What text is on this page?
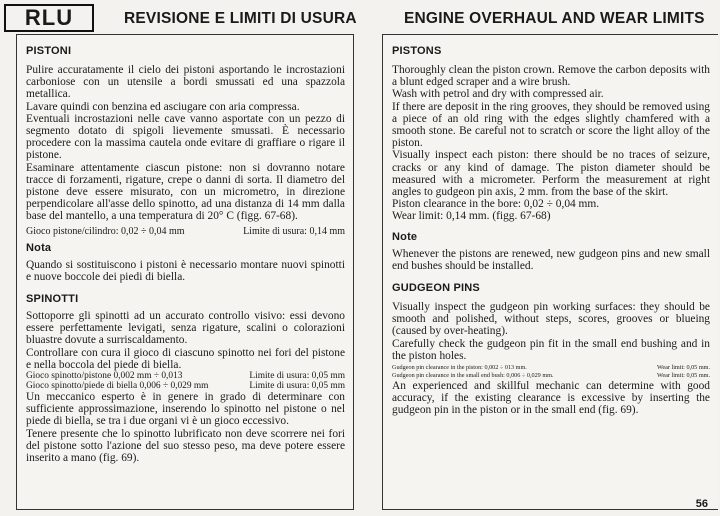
RLU	REVISIONE E LIMITI DI USURA	ENGINE OVERHAUL AND WEAR LIMITS
PISTONI

Pulire accuratamente il cielo dei pistoni asportando le incrostazioni carboniose con un utensile a bordi smussati ed una spazzola metallica.

Lavare quindi con benzina ed asciugare con aria compressa.

Eventuali incrostazioni nelle cave vanno asportate con un pezzo di segmento dotato di spigoli lievemente smussati. È necessario procedere con la massima cautela onde evitare di graffiare o rigare il pistone.

Esaminare attentamente ciascun pistone: non si dovranno notare tracce di forzamenti, rigature, crepe o danni di sorta. Il diametro del pistone deve essere misurato, con un micrometro, in direzione perpendicolare all'asse dello spinotto, ad una distanza di 14 mm dalla base del mantello, a una temperatura di 20° C (figg. 67-68).

Gioco pistone/cilindro: 0,02 ÷ 0,04 mm	Limite di usura: 0,14 mm
Nota

Quando si sostituiscono i pistoni è necessario montare nuovi spinotti e nuove boccole dei piedi di biella.

SPINOTTI

Sottoporre gli spinotti ad un accurato controllo visivo: essi devono essere perfettamente levigati, senza rigature, scalini o colorazioni bluastre dovute a surriscaldamento.

Controllare con cura il gioco di ciascuno spinotto nei fori del pistone e nella boccola del piede di biella.

Gioco spinotto/pistone 0,002 mm ÷ 0,013	Limite di usura: 0,05 mm
Gioco spinotto/piede di biella 0,006 ÷ 0,029 mm	Limite di usura: 0,05 mm

Un meccanico esperto è in genere in grado di determinare con sufficiente approssimazione, inserendo lo spinotto nel pistone o nel piede di biella, se tra i due organi vi è un gioco eccessivo.

Tenere presente che lo spinotto lubrificato non deve scorrere nei fori del pistone sotto l'azione del suo stesso peso, ma deve potere essere inserito a mano (fig. 69).

PISTONS

Thoroughly clean the piston crown. Remove the carbon deposits with a blunt edged scraper and a wire brush.

Wash with petrol and dry with compressed air.

If there are deposit in the ring grooves, they should be removed using a piece of an old ring with the edges slightly chamfered with a smooth stone. Be careful not to scratch or score the light alloy of the piston.

Visually inspect each piston: there should be no traces of seizure, cracks or any kind of damage. The piston diameter should be measured with a micrometer. Perform the measurement at right angles to gudgeon pin axis, 2 mm. from the base of the skirt.

Piston clearance in the bore: 0,02 ÷ 0,04 mm.

Wear limit: 0,14 mm. (figg. 67-68)

Note

Whenever the pistons are renewed, new gudgeon pins and new small end bushes should be installed.

GUDGEON PINS

Visually inspect the gudgeon pin working surfaces: they should be smooth and polished, without steps, scores, grooves or blueing (caused by over-heating).

Carefully check the gudgeon pin fit in the small end bushing and in the piston holes.

Gudgeon pin clearance in the piston: 0,002 ÷ 013 mm.	Wear limit: 0,05 mm.
Gudgeon pin clearance in the small end bush: 0,006 ÷ 0,029 mm.	Wear limit: 0,05 mm.

An experienced and skillful mechanic can determine with good accuracy, if the existing clearance is excessive by inserting the gudgeon pin in the piston or in the small end (fig. 69).

56
